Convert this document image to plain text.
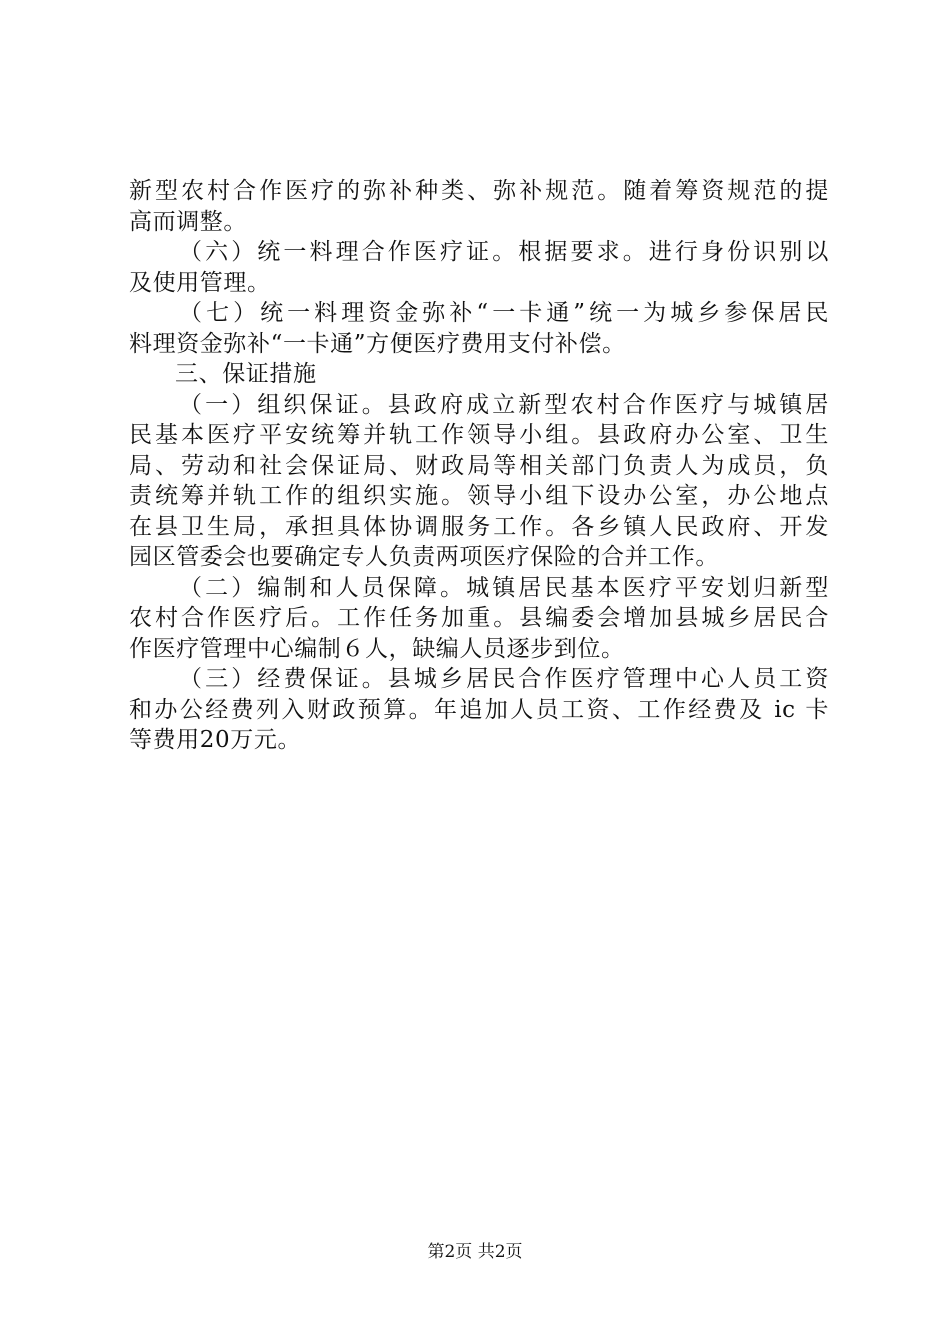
新型农村合作医疗的弥补种类、弥补规范。随着筹资规范的提
高而调整。
（六）统一料理合作医疗证。根据要求。进行身份识别以
及使用管理。
（七）统一料理资金弥补“一卡通”统一为城乡参保居民
料理资金弥补“一卡通”方便医疗费用支付补偿。
三、保证措施
（一）组织保证。县政府成立新型农村合作医疗与城镇居
民基本医疗平安统筹并轨工作领导小组。县政府办公室、卫生
局、劳动和社会保证局、财政局等相关部门负责人为成员，负
责统筹并轨工作的组织实施。领导小组下设办公室，办公地点
在县卫生局，承担具体协调服务工作。各乡镇人民政府、开发
园区管委会也要确定专人负责两项医疗保险的合并工作。
（二）编制和人员保障。城镇居民基本医疗平安划归新型
农村合作医疗后。工作任务加重。县编委会增加县城乡居民合
作医疗管理中心编制６人，缺编人员逐步到位。
（三）经费保证。县城乡居民合作医疗管理中心人员工资
和办公经费列入财政预算。年追加人员工资、工作经费及 ic 卡
等费用20万元。
第2页 共2页
